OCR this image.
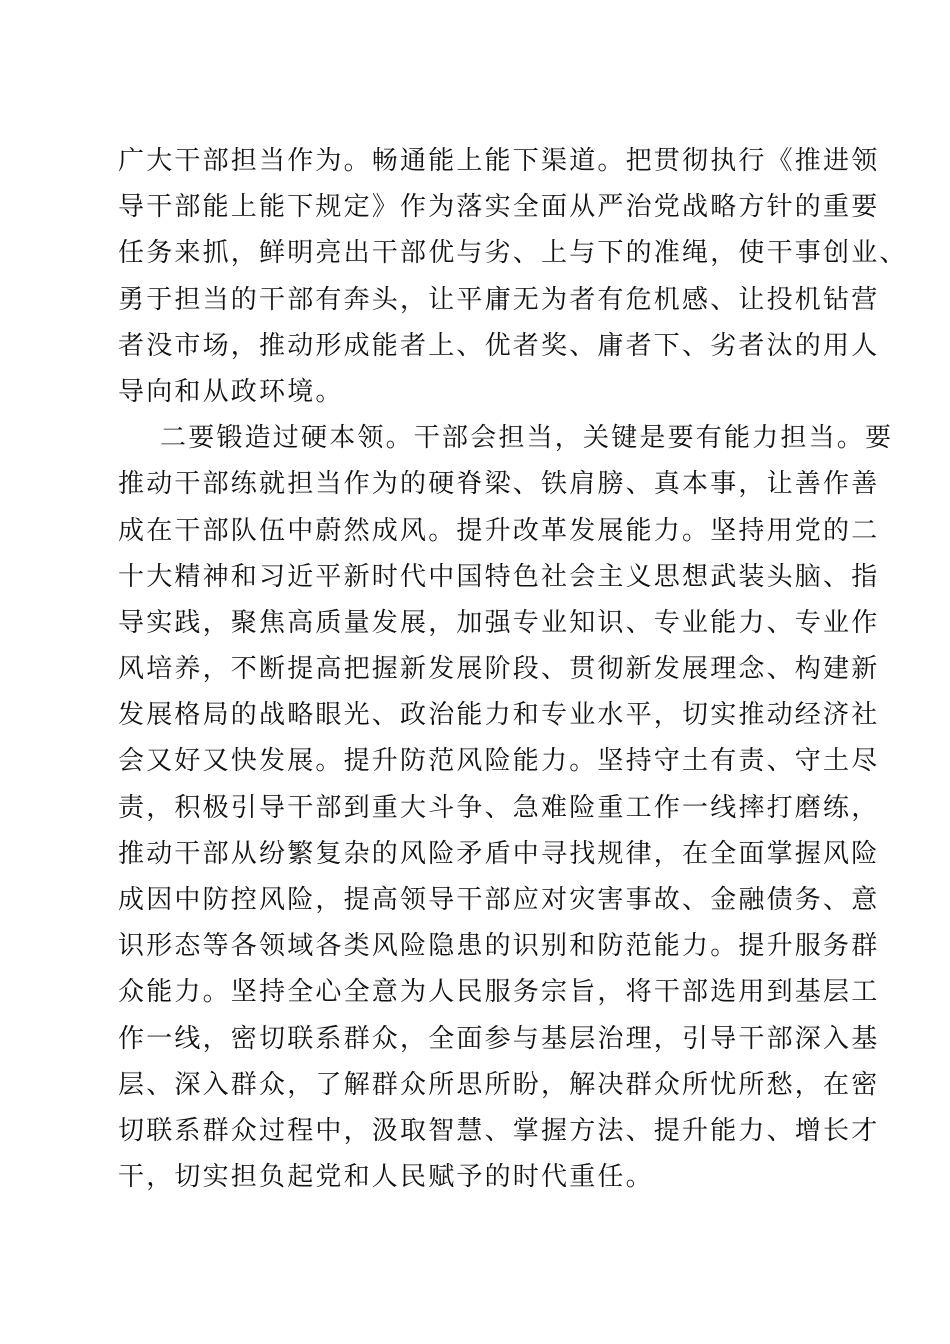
广大干部担当作为。畅通能上能下渠道。把贯彻执行《推进领
导干部能上能下规定》作为落实全面从严治党战略方针的重要
任务来抓，鲜明亮出干部优与劣、上与下的准绳，使干事创业、
勇于担当的干部有奔头，让平庸无为者有危机感、让投机钻营
者没市场，推动形成能者上、优者奖、庸者下、劣者汰的用人
导向和从政环境。
二要锻造过硬本领。干部会担当，关键是要有能力担当。要
推动干部练就担当作为的硬脊梁、铁肩膀、真本事，让善作善
成在干部队伍中蔚然成风。提升改革发展能力。坚持用党的二
十大精神和习近平新时代中国特色社会主义思想武装头脑、指
导实践，聚焦高质量发展，加强专业知识、专业能力、专业作
风培养，不断提高把握新发展阶段、贯彻新发展理念、构建新
发展格局的战略眼光、政治能力和专业水平，切实推动经济社
会又好又快发展。提升防范风险能力。坚持守土有责、守土尽
责，积极引导干部到重大斗争、急难险重工作一线摔打磨练，
推动干部从纷繁复杂的风险矛盾中寻找规律，在全面掌握风险
成因中防控风险，提高领导干部应对灾害事故、金融债务、意
识形态等各领域各类风险隐患的识别和防范能力。提升服务群
众能力。坚持全心全意为人民服务宗旨，将干部选用到基层工
作一线，密切联系群众，全面参与基层治理，引导干部深入基
层、深入群众，了解群众所思所盼，解决群众所忧所愁，在密
切联系群众过程中，汲取智慧、掌握方法、提升能力、增长才
干，切实担负起党和人民赋予的时代重任。
